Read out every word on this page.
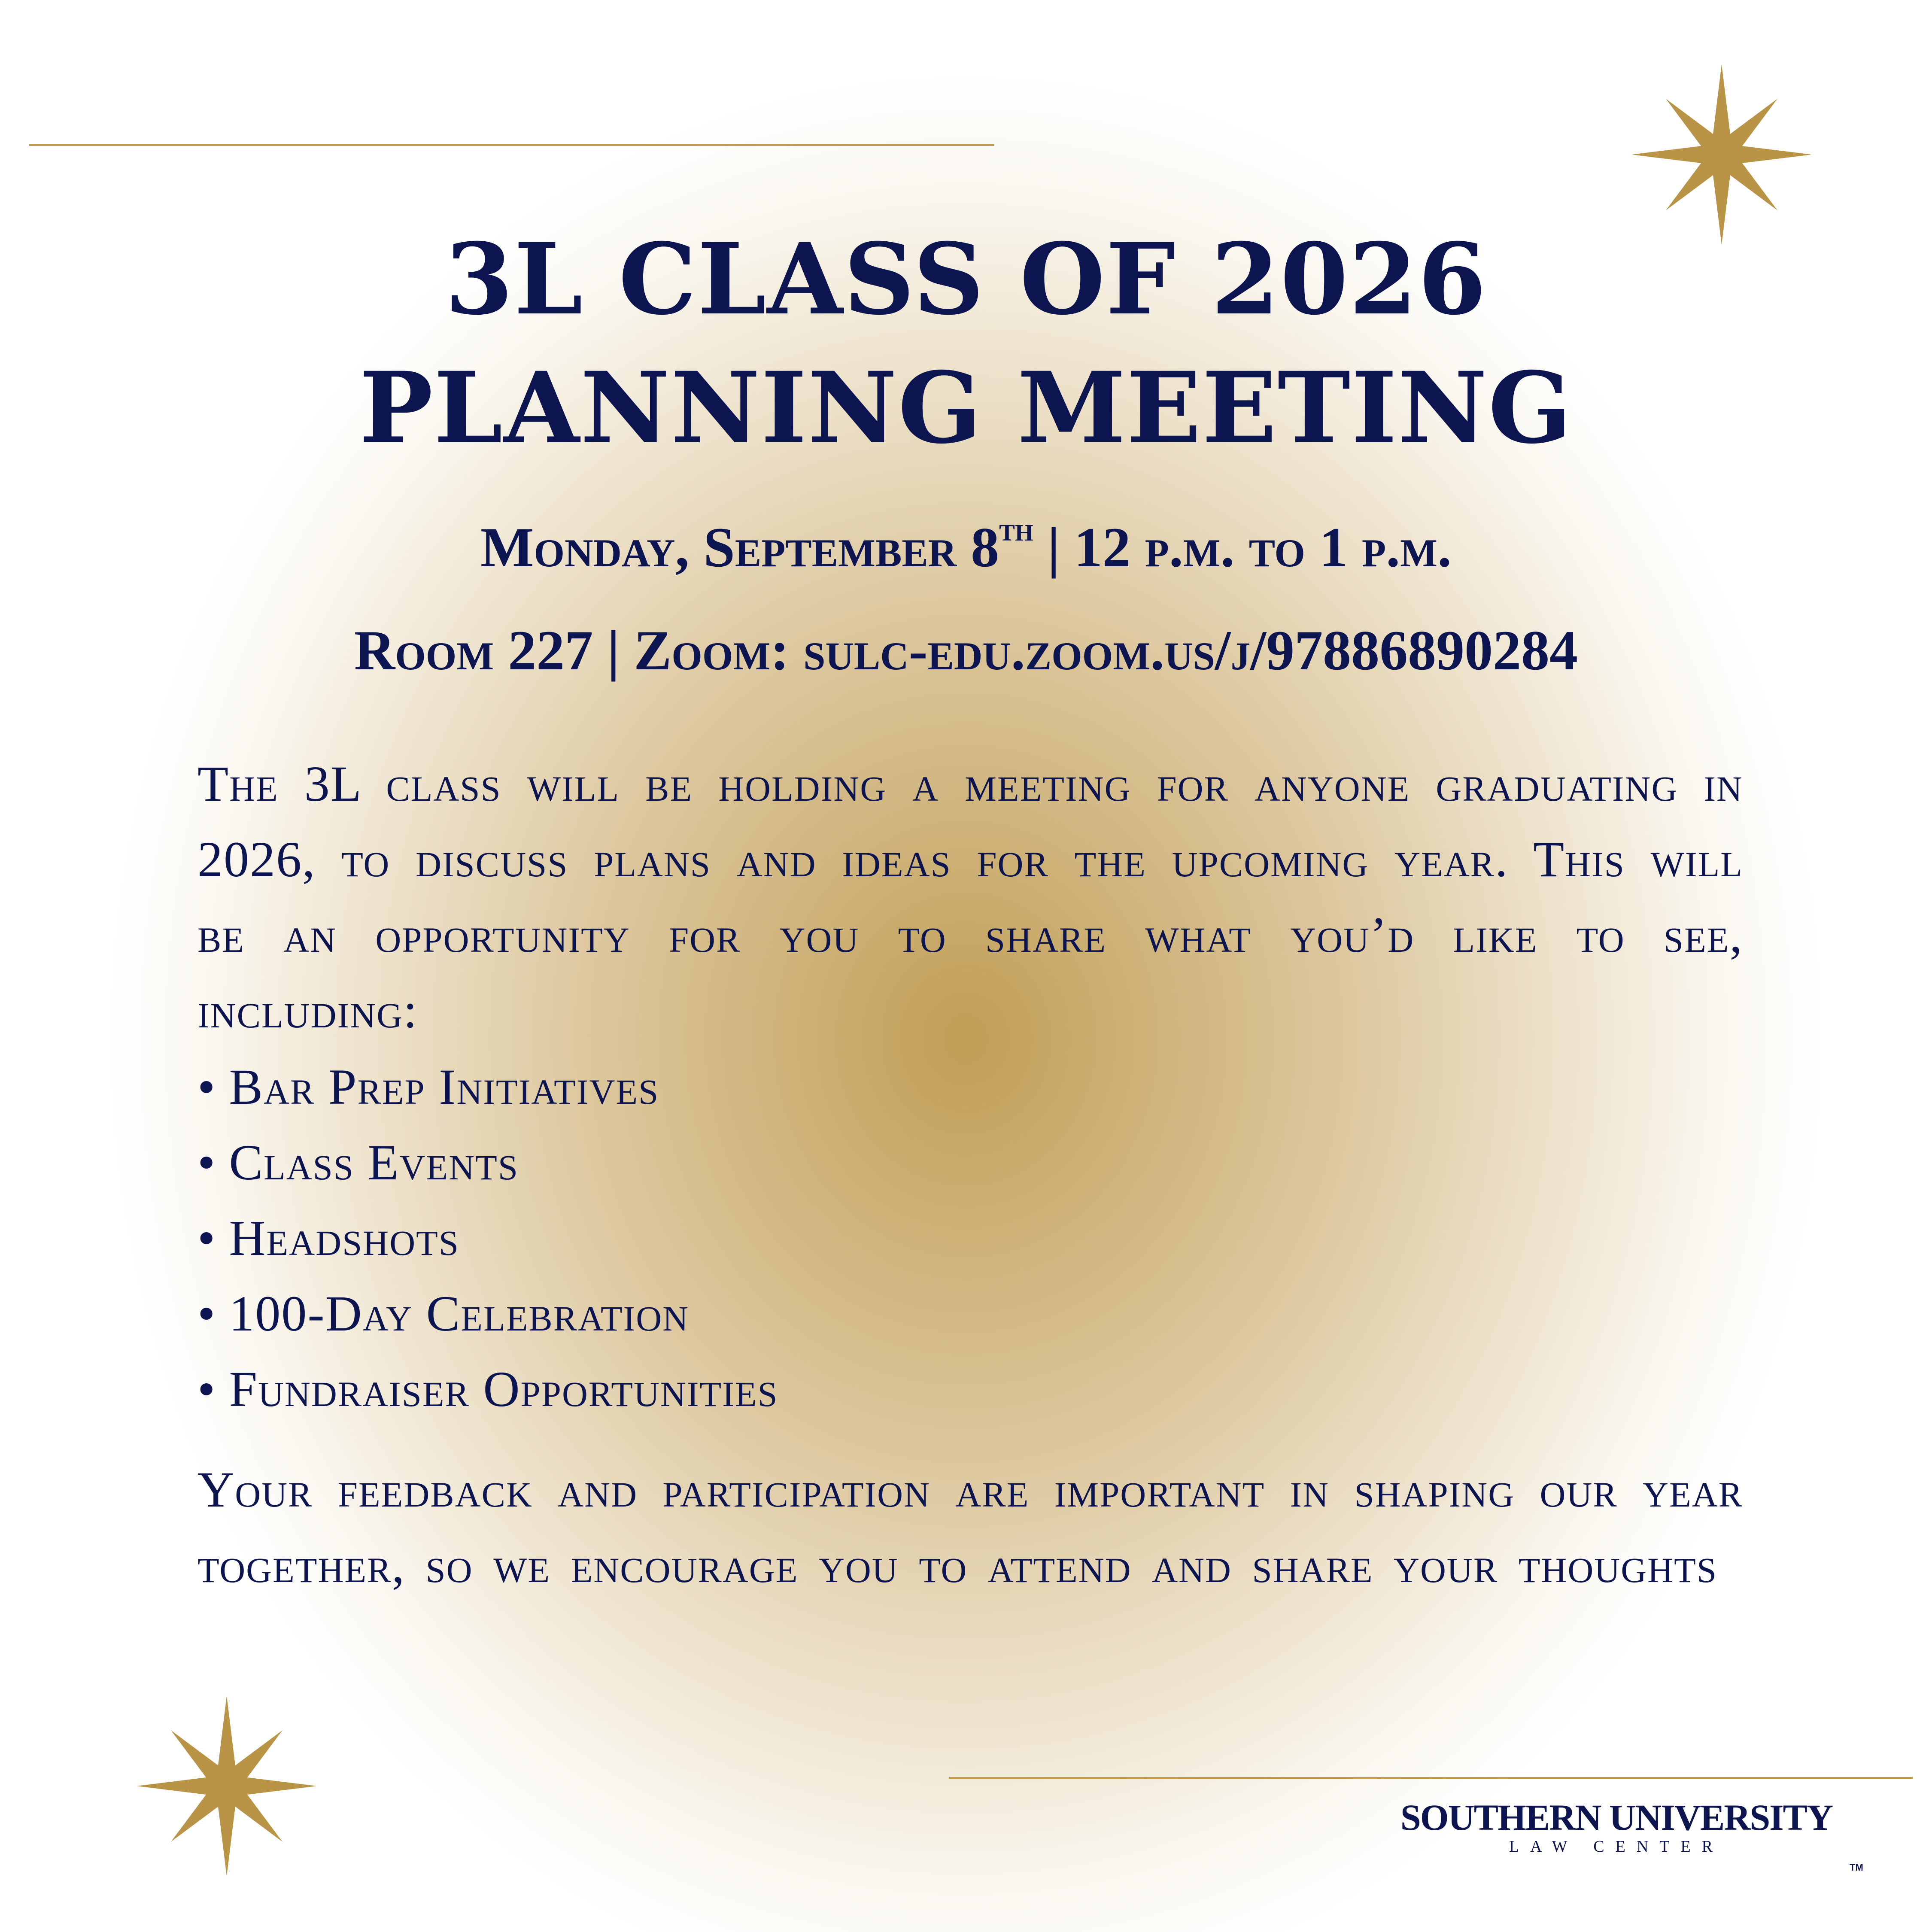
3L CLASS OF 2026
PLANNING MEETING
Monday, September 8th | 12 p.m. to 1 p.m.
Room 227 | Zoom: sulc-edu.zoom.us/j/97886890284
The 3L class will be holding a meeting for anyone graduating in 2026, to discuss plans and ideas for the upcoming year. This will be an opportunity for you to share what you’d like to see, including:
• Bar Prep Initiatives
• Class Events
• Headshots
• 100-Day Celebration
• Fundraiser Opportunities
Your feedback and participation are important in shaping our year together, so we encourage you to attend and share your thoughts
SOUTHERN UNIVERSITY
LAW CENTER
TM
